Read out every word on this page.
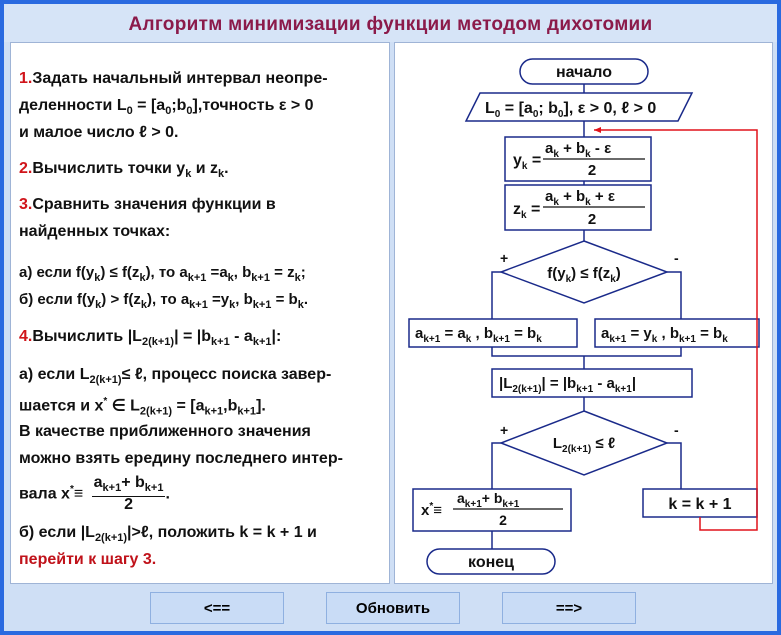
Алгоритм минимизации функции методом дихотомии
1.Задать начальный интервал неопре-
деленности $L_0$ = $[a_0;b_0],точность$ ε > 0
и малое число ℓ > 0.
2.Вычислить точки $y_k$ и $z_k$.
3.Сравнить значения функции в
найденных точках:
а) если $f(y_k) \le f(z_k)$, то $a_{k+1} =a_k$, $b_{k+1} = z_k$;
б) если $f(y_k) > f(z_k)$, то $a_{k+1} =y_k$, $b_{k+1} = b_k$.
4.Вычислить $|L_{2(k+1)}| = |b_{k+1} - a_{k+1}|$:
а) если $L_{2(k+1)}\le$ ℓ, процесс поиска завер-
шается и x* ∈ $L_{2(k+1)} = [a_{k+1},b_{k+1}]$.
В качестве приближенного значения
можно взять ередину последнего интер-
вала $x^*\equiv \frac{a_{k+1}+ b_{k+1}}{2}$ .
б) если $|L_{2(k+1)}|>\ell$, положить k = k + 1 и
перейти к шагу 3.
начало
$L_0 = [a_0$; $b_0$], ε > 0, ℓ > 0
$y_k$ =
$a_k + b_k - \varepsilon$
2
$z_k$ =
$a_k + b_k + \varepsilon$
2
$f(y_k) \le f(z_k)$
+	-
$a_{k+1} = a_k$ , $b_{k+1} = b_k$	$a_{k+1} = y_k$ , $b_{k+1} = b_k$
$|L_{2(k+1)}| = |b_{k+1} - a_{k+1}|$
$L_{2(k+1)}$ ≤ ℓ
+	-
x*≡
$a_{k+1}+ b_{k+1}$
2
k = k + 1
конец
<==	Обновить	==>
